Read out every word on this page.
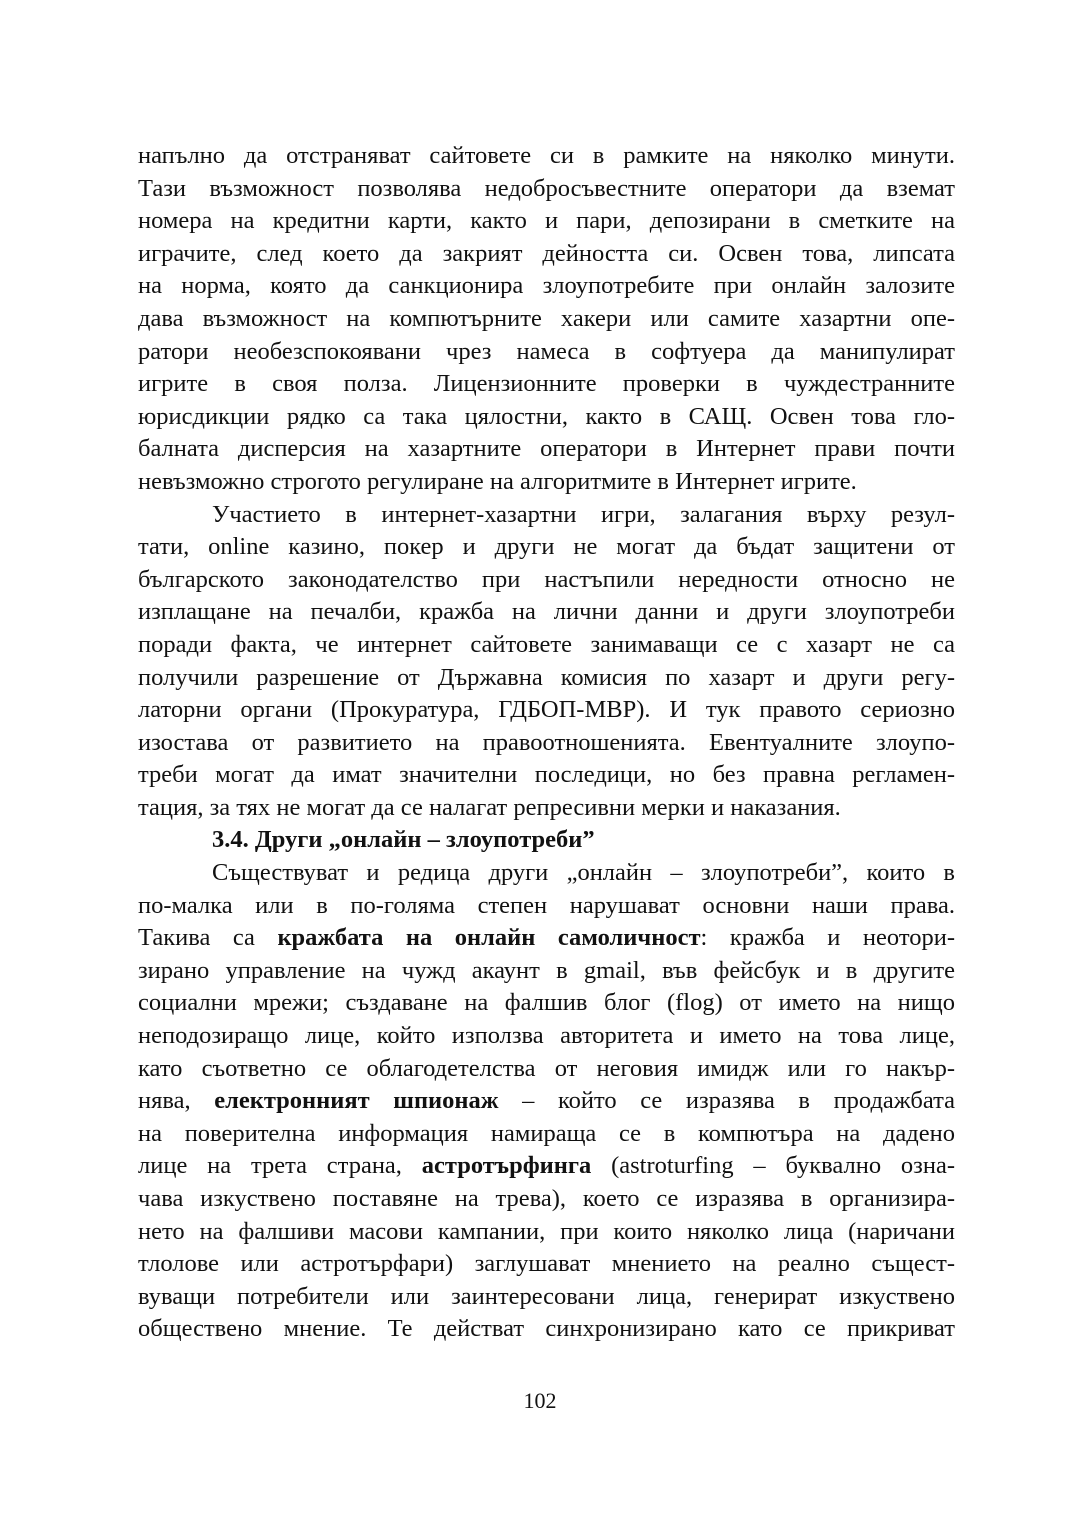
напълно да отстраняват сайтовете си в рамките на няколко минути.
Тази възможност позволява недобросъвестните оператори да вземат
номера на кредитни карти, както и пари, депозирани в сметките на
играчите, след което да закрият дейността си. Освен това, липсата
на норма, която да санкционира злоупотребите при онлайн залозите
дава възможност на компютърните хакери или самите хазартни опе-
ратори необезспокоявани чрез намеса в софтуера да манипулират
игрите в своя полза. Лицензионните проверки в чуждестранните
юрисдикции рядко са така цялостни, както в САЩ. Освен това гло-
балната дисперсия на хазартните оператори в Интернет прави почти
невъзможно строгото регулиране на алгоритмите в Интернет игрите.
Участието в интернет-хазартни игри, залагания върху резул-
тати, online казино, покер и други не могат да бъдат защитени от
българското законодателство при настъпили нередности относно не
изплащане на печалби, кражба на лични данни и други злоупотреби
поради факта, че интернет сайтовете занимаващи се с хазарт не са
получили разрешение от Държавна комисия по хазарт и други регу-
латорни органи (Прокуратура, ГДБОП-МВР). И тук правото сериозно
изостава от развитието на правоотношенията. Евентуалните злоупо-
треби могат да имат значителни последици, но без правна регламен-
тация, за тях не могат да се налагат репресивни мерки и наказания.
3.4. Други „онлайн – злоупотреби”
Съществуват и редица други „онлайн – злоупотреби”, които в
по-малка или в по-голяма степен нарушават основни наши права.
Такива са кражбата на онлайн самоличност: кражба и неотори-
зирано управление на чужд акаунт в gmail, във фейсбук и в другите
социални мрежи; създаване на фалшив блог (flog) от името на нищо
неподозиращо лице, който използва авторитета и името на това лице,
като съответно се облагодетелства от неговия имидж или го накър-
нява, електронният шпионаж – който се изразява в продажбата
на поверителна информация намираща се в компютъра на дадено
лице на трета страна, астротърфинга (astroturfing – буквално озна-
чава изкуствено поставяне на трева), което се изразява в организира-
нето на фалшиви масови кампании, при които няколко лица (наричани
тлолове или астротърфари) заглушават мнението на реално същест-
вуващи потребители или заинтересовани лица, генерират изкуствено
обществено мнение. Те действат синхронизирано като се прикриват
102
